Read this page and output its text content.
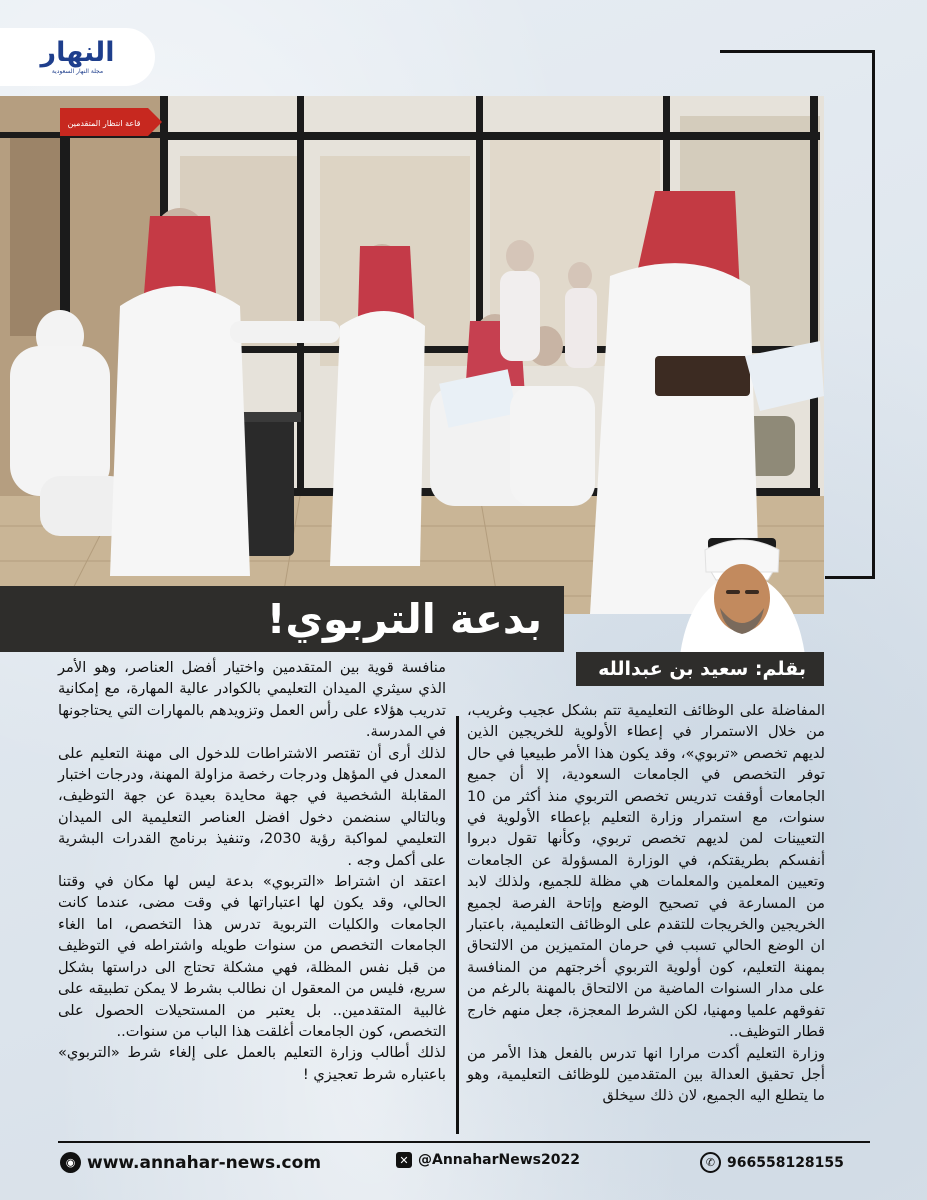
النهار
مجلة النهار السعودية
قاعة انتظار المتقدمين
بدعة التربوي!
بقلم: سعيد بن عبدالله

المفاضلة على الوظائف التعليمية تتم بشكل عجيب وغريب، من خلال الاستمرار في إعطاء الأولوية للخريجين الذين لديهم تخصص «تربوي»، وقد يكون هذا الأمر طبيعيا في حال توفر التخصص في الجامعات السعودية، إلا أن جميع الجامعات أوقفت تدريس تخصص التربوي منذ أكثر من 10 سنوات، مع استمرار وزارة التعليم بإعطاء الأولوية في التعيينات لمن لديهم تخصص تربوي، وكأنها تقول دبروا أنفسكم بطريقتكم، في الوزارة المسؤولة عن الجامعات وتعيين المعلمين والمعلمات هي مظلة للجميع، ولذلك لابد من المسارعة في تصحيح الوضع وإتاحة الفرصة لجميع الخريجين والخريجات للتقدم على الوظائف التعليمية، باعتبار ان الوضع الحالي تسبب في حرمان المتميزين من الالتحاق بمهنة التعليم، كون أولوية التربوي أخرجتهم من المنافسة على مدار السنوات الماضية من الالتحاق بالمهنة بالرغم من تفوقهم علميا ومهنيا، لكن الشرط المعجزة، جعل منهم خارج قطار التوظيف..

وزارة التعليم أكدت مرارا انها تدرس بالفعل هذا الأمر من أجل تحقيق العدالة بين المتقدمين للوظائف التعليمية، وهو ما يتطلع اليه الجميع، لان ذلك سيخلق

منافسة قوية بين المتقدمين واختيار أفضل العناصر، وهو الأمر الذي سيثري الميدان التعليمي بالكوادر عالية المهارة، مع إمكانية تدريب هؤلاء على رأس العمل وتزويدهم بالمهارات التي يحتاجونها في المدرسة.

لذلك أرى أن تقتصر الاشتراطات للدخول الى مهنة التعليم على المعدل في المؤهل ودرجات رخصة مزاولة المهنة، ودرجات اختبار المقابلة الشخصية في جهة محايدة بعيدة عن جهة التوظيف، وبالتالي سنضمن دخول افضل العناصر التعليمية الى الميدان التعليمي لمواكبة رؤية 2030، وتنفيذ برنامج القدرات البشرية على أكمل وجه .

اعتقد ان اشتراط «التربوي» بدعة ليس لها مكان في وقتنا الحالي، وقد يكون لها اعتباراتها في وقت مضى، عندما كانت الجامعات والكليات التربوية تدرس هذا التخصص، اما الغاء الجامعات التخصص من سنوات طويله واشتراطه في التوظيف من قبل نفس المظلة، فهي مشكلة تحتاج الى دراستها بشكل سريع، فليس من المعقول ان نطالب بشرط لا يمكن تطبيقه على غالبية المتقدمين.. بل يعتبر من المستحيلات الحصول على التخصص، كون الجامعات أغلقت هذا الباب من سنوات..

لذلك أطالب وزارة التعليم بالعمل على إلغاء شرط «التربوي» باعتباره شرط تعجيزي !

◉ www.annahar-news.com	✕ @AnnaharNews2022	✆ 966558128155
